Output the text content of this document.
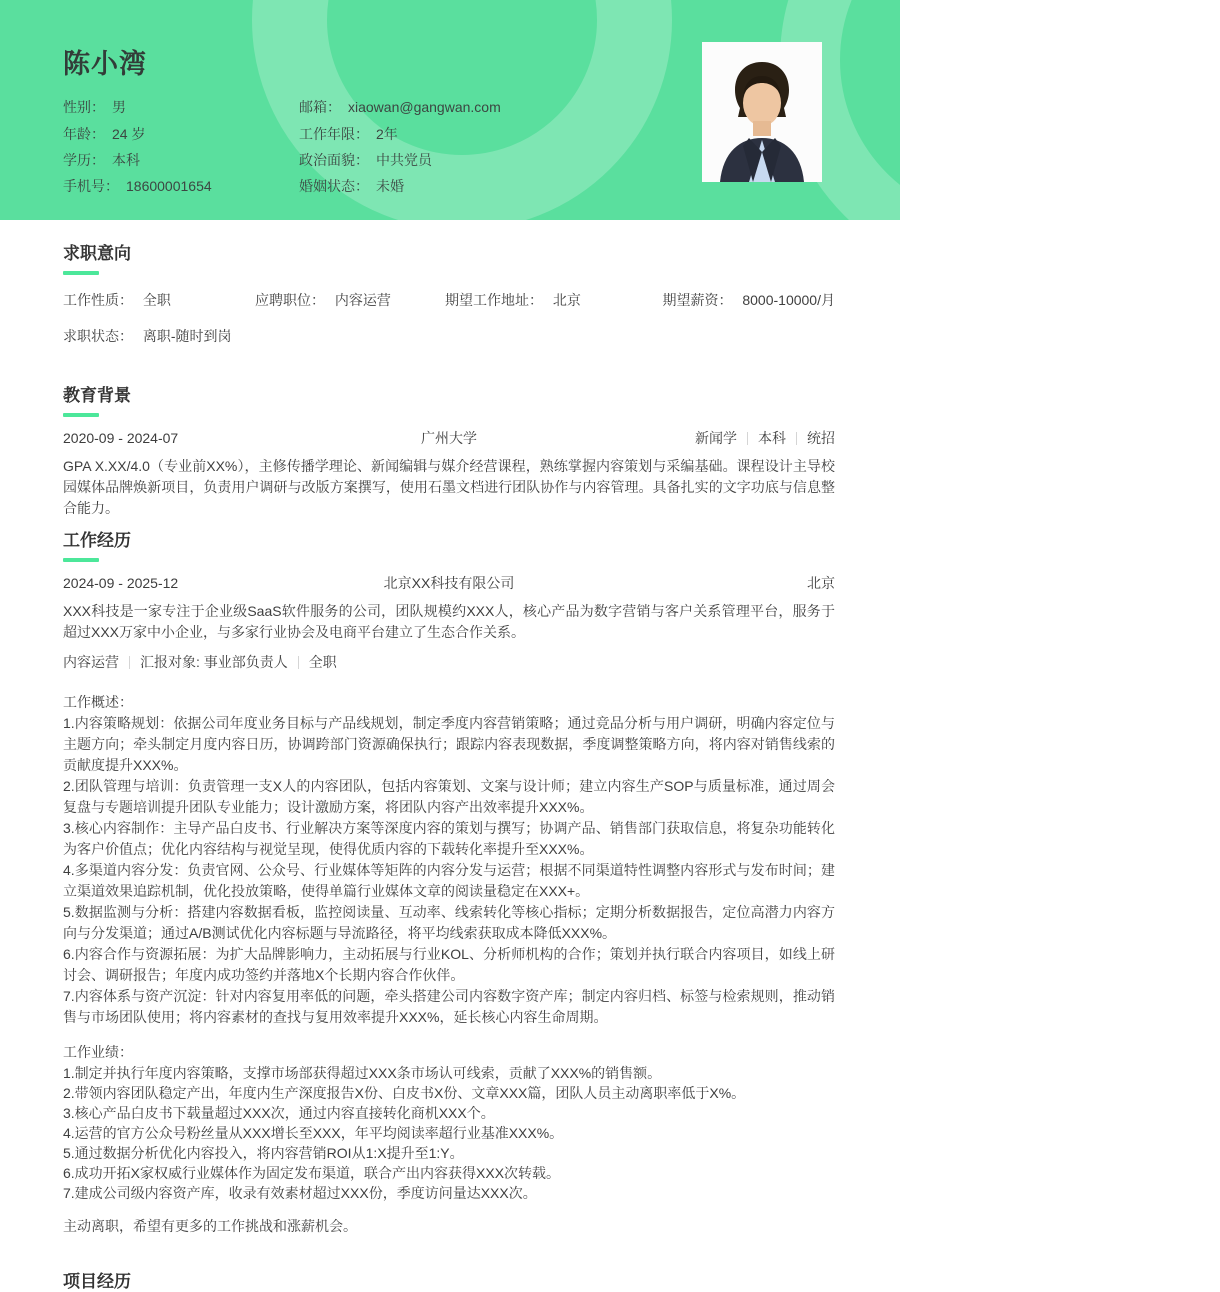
陈小湾
性别： 男	邮箱： xiaowan@gangwan.com
年龄： 24 岁	工作年限： 2年
学历： 本科	政治面貌： 中共党员
手机号： 18600001654	婚姻状态： 未婚
求职意向
工作性质： 全职	应聘职位： 内容运营	期望工作地址： 北京	期望薪资： 8000-10000/月
求职状态： 离职-随时到岗
教育背景
2020-09 - 2024-07	广州大学	新闻学 本科 统招
GPA X.XX/4.0（专业前XX%），主修传播学理论、新闻编辑与媒介经营课程，熟练掌握内容策划与采编基础。课程设计主导校园媒体品牌焕新项目，负责用户调研与改版方案撰写，使用石墨文档进行团队协作与内容管理。具备扎实的文字功底与信息整合能力。
工作经历
2024-09 - 2025-12	北京XX科技有限公司	北京
XXX科技是一家专注于企业级SaaS软件服务的公司，团队规模约XXX人，核心产品为数字营销与客户关系管理平台，服务于超过XXX万家中小企业，与多家行业协会及电商平台建立了生态合作关系。
内容运营 汇报对象: 事业部负责人 全职
工作概述：
1.内容策略规划：依据公司年度业务目标与产品线规划，制定季度内容营销策略；通过竞品分析与用户调研，明确内容定位与主题方向；牵头制定月度内容日历，协调跨部门资源确保执行；跟踪内容表现数据，季度调整策略方向，将内容对销售线索的贡献度提升XXX%。
2.团队管理与培训：负责管理一支X人的内容团队，包括内容策划、文案与设计师；建立内容生产SOP与质量标准，通过周会复盘与专题培训提升团队专业能力；设计激励方案，将团队内容产出效率提升XXX%。
3.核心内容制作：主导产品白皮书、行业解决方案等深度内容的策划与撰写；协调产品、销售部门获取信息，将复杂功能转化为客户价值点；优化内容结构与视觉呈现，使得优质内容的下载转化率提升至XXX%。
4.多渠道内容分发：负责官网、公众号、行业媒体等矩阵的内容分发与运营；根据不同渠道特性调整内容形式与发布时间；建立渠道效果追踪机制，优化投放策略，使得单篇行业媒体文章的阅读量稳定在XXX+。
5.数据监测与分析：搭建内容数据看板，监控阅读量、互动率、线索转化等核心指标；定期分析数据报告，定位高潜力内容方向与分发渠道；通过A/B测试优化内容标题与导流路径，将平均线索获取成本降低XXX%。
6.内容合作与资源拓展：为扩大品牌影响力，主动拓展与行业KOL、分析师机构的合作；策划并执行联合内容项目，如线上研讨会、调研报告；年度内成功签约并落地X个长期内容合作伙伴。
7.内容体系与资产沉淀：针对内容复用率低的问题，牵头搭建公司内容数字资产库；制定内容归档、标签与检索规则，推动销售与市场团队使用；将内容素材的查找与复用效率提升XXX%，延长核心内容生命周期。
工作业绩：
1.制定并执行年度内容策略，支撑市场部获得超过XXX条市场认可线索，贡献了XXX%的销售额。
2.带领内容团队稳定产出，年度内生产深度报告X份、白皮书X份、文章XXX篇，团队人员主动离职率低于X%。
3.核心产品白皮书下载量超过XXX次，通过内容直接转化商机XXX个。
4.运营的官方公众号粉丝量从XXX增长至XXX，年平均阅读率超行业基准XXX%。
5.通过数据分析优化内容投入，将内容营销ROI从1:X提升至1:Y。
6.成功开拓X家权威行业媒体作为固定发布渠道，联合产出内容获得XXX次转载。
7.建成公司级内容资产库，收录有效素材超过XXX份，季度访问量达XXX次。
主动离职，希望有更多的工作挑战和涨薪机会。
项目经历
